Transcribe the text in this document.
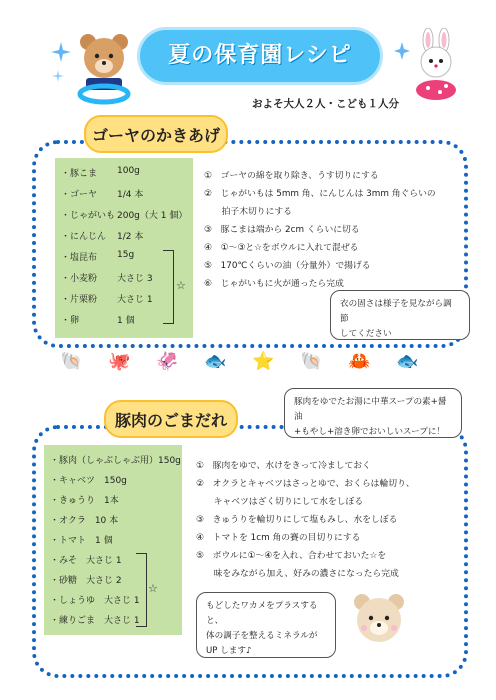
夏の保育園レシピ
およそ大人２人・こども１人分
ゴーヤのかきあげ
・豚こま 100g
・ゴーヤ 1/4 本
・じゃがいも 200g（大 1 個）
・にんじん 1/2 本
・塩昆布 15g
・小麦粉 大さじ 3
・片栗粉 大さじ 1
・卵	1 個
☆
①　ゴーヤの綿を取り除き、うす切りにする
②　じゃがいもは 5mm 角、にんじんは 3mm 角ぐらいの
　　拍子木切りにする
③　豚こまは端から 2cm くらいに切る
④　①～③と☆をボウルに入れて混ぜる
⑤　170℃くらいの油（分量外）で揚げる
⑥　じゃがいもに火が通ったら完成
衣の固さは様子を見ながら調節
してください
🐚 🐙 🦑 🐟 ⭐ 🐚 🦀 🐟
豚肉のごまだれ
豚肉をゆでたお湯に中華スープの素+醤油
+もやし+溶き卵でおいしいスープに！
・豚肉（しゃぶしゃぶ用）150g
・キャベツ　150g
・きゅうり　1本
・オクラ　10 本
・トマト　1 個
・みそ　大さじ 1
・砂糖　大さじ 2
・しょうゆ　大さじ 1
・練りごま　大さじ 1
☆
①　豚肉をゆで、水けをきって冷ましておく
②　オクラとキャベツはさっとゆで、おくらは輪切り、
　　キャベツはざく切りにして水をしぼる
③　きゅうりを輪切りにして塩もみし、水をしぼる
④　トマトを 1cm 角の賽の目切りにする
⑤　ボウルに①～④を入れ、合わせておいた☆を
　　味をみながら加え、好みの濃さになったら完成
もどしたワカメをプラスすると、
体の調子を整えるミネラルが
UP します♪
